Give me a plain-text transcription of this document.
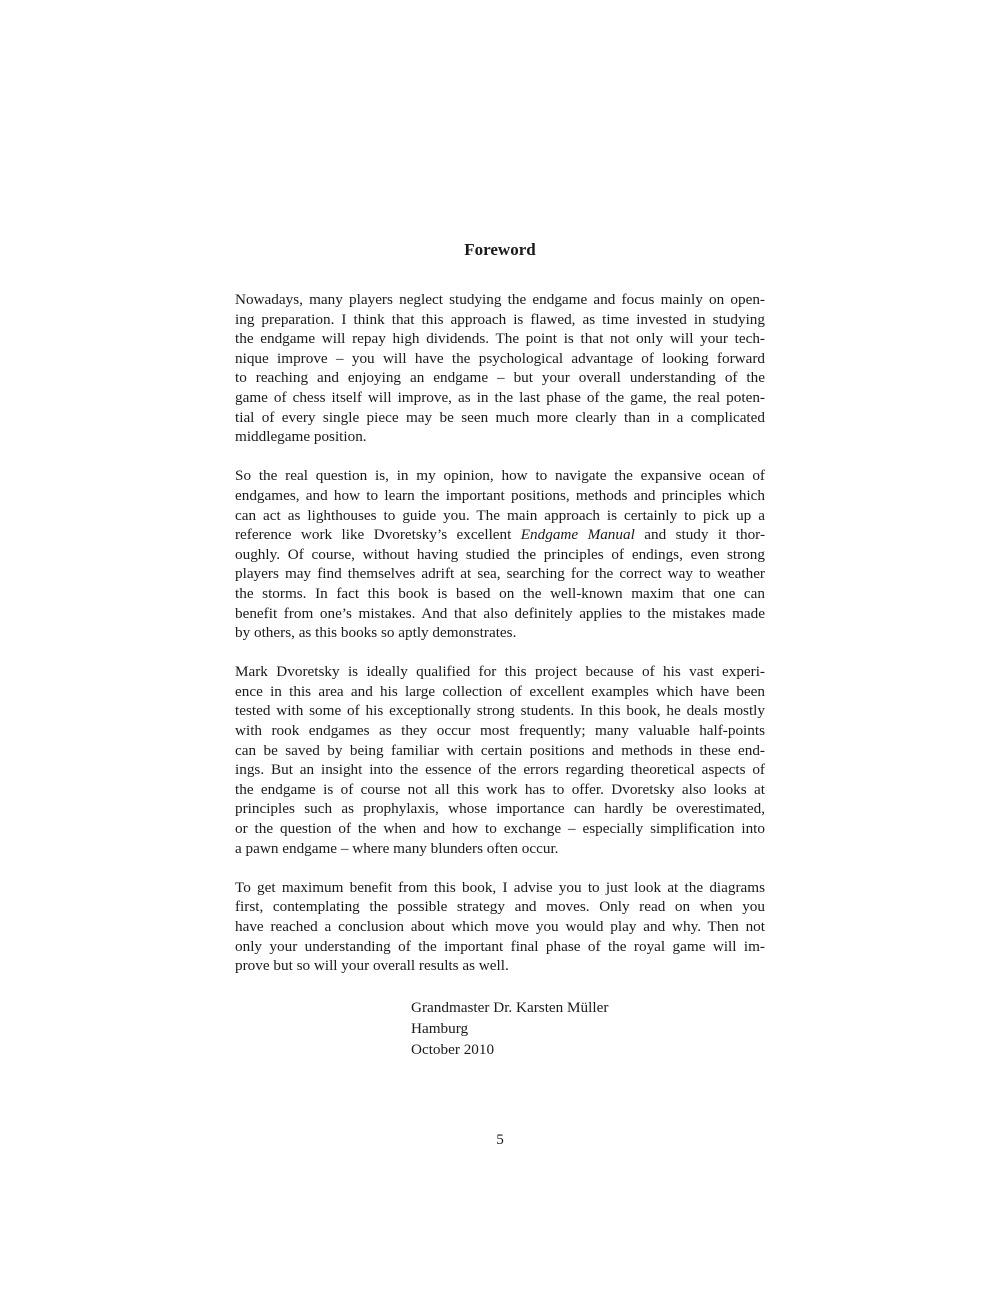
Foreword
Nowadays, many players neglect studying the endgame and focus mainly on open-
ing preparation. I think that this approach is flawed, as time invested in studying
the endgame will repay high dividends. The point is that not only will your tech-
nique improve – you will have the psychological advantage of looking forward
to reaching and enjoying an endgame – but your overall understanding of the
game of chess itself will improve, as in the last phase of the game, the real poten-
tial of every single piece may be seen much more clearly than in a complicated
middlegame position.
So the real question is, in my opinion, how to navigate the expansive ocean of
endgames, and how to learn the important positions, methods and principles which
can act as lighthouses to guide you. The main approach is certainly to pick up a
reference work like Dvoretsky’s excellent Endgame Manual and study it thor-
oughly. Of course, without having studied the principles of endings, even strong
players may find themselves adrift at sea, searching for the correct way to weather
the storms. In fact this book is based on the well-known maxim that one can
benefit from one’s mistakes. And that also definitely applies to the mistakes made
by others, as this books so aptly demonstrates.
Mark Dvoretsky is ideally qualified for this project because of his vast experi-
ence in this area and his large collection of excellent examples which have been
tested with some of his exceptionally strong students. In this book, he deals mostly
with rook endgames as they occur most frequently; many valuable half-points
can be saved by being familiar with certain positions and methods in these end-
ings. But an insight into the essence of the errors regarding theoretical aspects of
the endgame is of course not all this work has to offer. Dvoretsky also looks at
principles such as prophylaxis, whose importance can hardly be overestimated,
or the question of the when and how to exchange – especially simplification into
a pawn endgame – where many blunders often occur.
To get maximum benefit from this book, I advise you to just look at the diagrams
first, contemplating the possible strategy and moves. Only read on when you
have reached a conclusion about which move you would play and why. Then not
only your understanding of the important final phase of the royal game will im-
prove but so will your overall results as well.
Grandmaster Dr. Karsten Müller
Hamburg
October 2010
5
